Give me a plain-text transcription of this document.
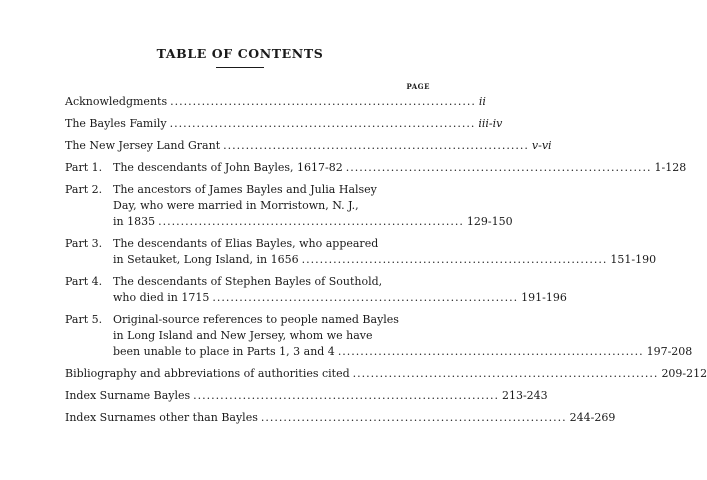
TABLE OF CONTENTS
PAGE
Acknowledgments .................................................................... ii
The Bayles Family .................................................................... iii-iv
The New Jersey Land Grant .................................................................... v-vi
Part 1. The descendants of John Bayles, 1617-82 .................................................................... 1-128
Part 2. The ancestors of James Bayles and Julia Halsey
Day, who were married in Morristown, N. J.,
in 1835 .................................................................... 129-150
Part 3. The descendants of Elias Bayles, who appeared
in Setauket, Long Island, in 1656 .................................................................... 151-190
Part 4. The descendants of Stephen Bayles of Southold,
who died in 1715 .................................................................... 191-196
Part 5. Original-source references to people named Bayles
in Long Island and New Jersey, whom we have
been unable to place in Parts 1, 3 and 4 .................................................................... 197-208
Bibliography and abbreviations of authorities cited .................................................................... 209-212
Index Surname Bayles .................................................................... 213-243
Index Surnames other than Bayles .................................................................... 244-269
